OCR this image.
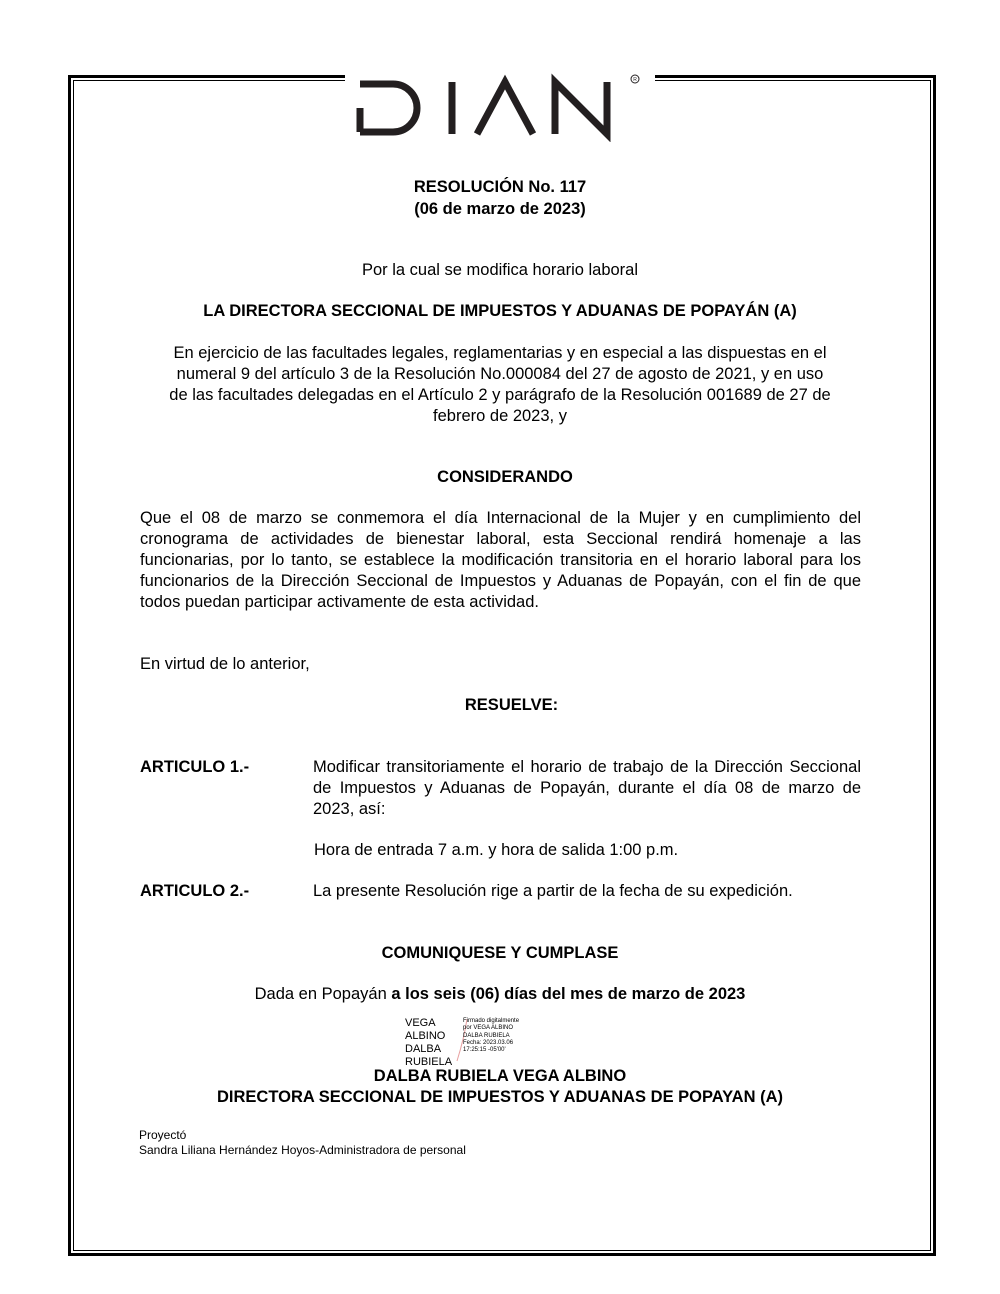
R
RESOLUCIÓN No. 117
(06 de marzo de 2023)
Por la cual se modifica horario laboral
LA DIRECTORA SECCIONAL DE IMPUESTOS Y ADUANAS DE POPAYÁN (A)
En ejercicio de las facultades legales, reglamentarias y en especial a las dispuestas en el
numeral 9 del artículo 3 de la Resolución No.000084 del 27 de agosto de 2021, y en uso
de las facultades delegadas en el Artículo 2 y parágrafo de la Resolución 001689 de 27 de
febrero de 2023, y
CONSIDERANDO
Que el 08 de marzo se conmemora el día Internacional de la Mujer y en cumplimiento del cronograma de actividades de bienestar laboral, esta Seccional rendirá homenaje a las funcionarias, por lo tanto, se establece la modificación transitoria en el horario laboral para los funcionarios de la Dirección Seccional de Impuestos y Aduanas de Popayán, con el fin de que todos puedan participar activamente de esta actividad.
En virtud de lo anterior,
RESUELVE:
ARTICULO 1.-	Modificar transitoriamente el horario de trabajo de la Dirección Seccional de Impuestos y Aduanas de Popayán, durante el día 08 de marzo de 2023, así:
Hora de entrada 7 a.m. y hora de salida 1:00 p.m.
ARTICULO 2.-	La presente Resolución rige a partir de la fecha de su expedición.
COMUNIQUESE Y CUMPLASE
Dada en Popayán a los seis (06) días del mes de marzo de 2023
VEGA ALBINO
DALBA
RUBIELA
Firmado digitalmente
por VEGA ALBINO
DALBA RUBIELA
Fecha: 2023.03.06
17:25:15 -05'00'
DALBA RUBIELA VEGA ALBINO
DIRECTORA SECCIONAL DE IMPUESTOS Y ADUANAS DE POPAYAN (A)
Proyectó
Sandra Liliana Hernández Hoyos-Administradora de personal
